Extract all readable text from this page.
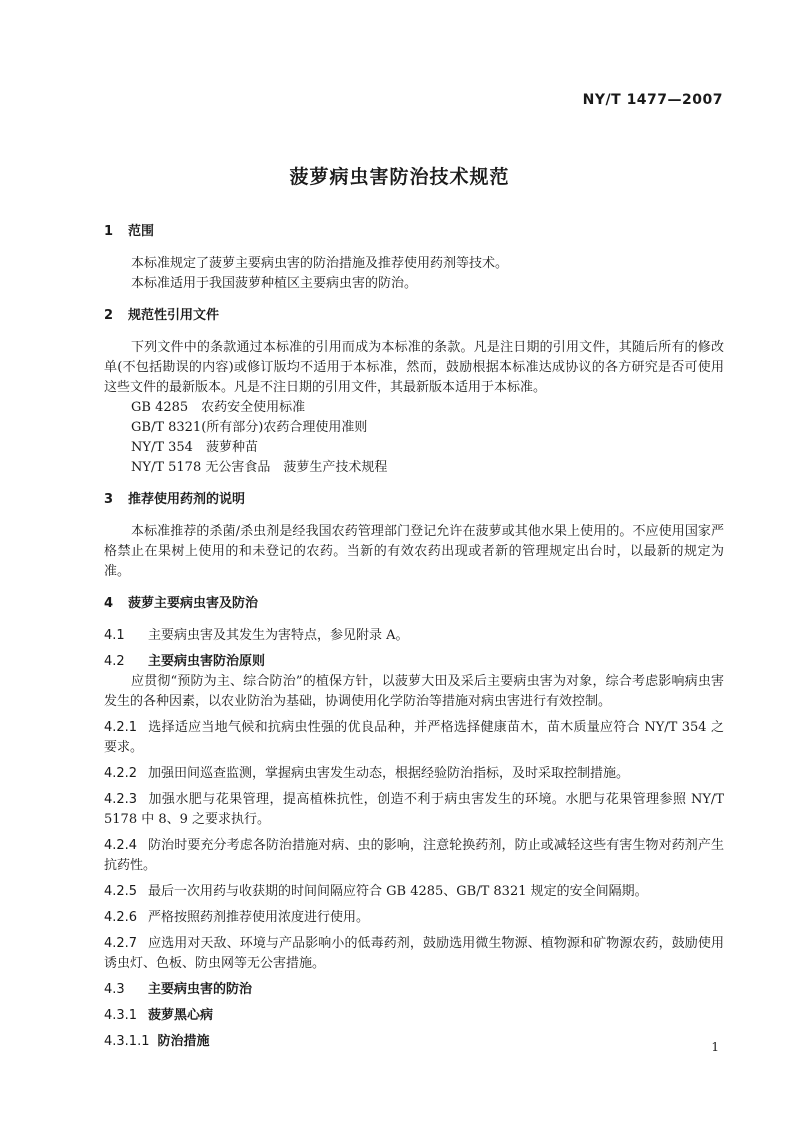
NY/T 1477—2007
菠萝病虫害防治技术规范
1 范围
本标准规定了菠萝主要病虫害的防治措施及推荐使用药剂等技术。
本标准适用于我国菠萝种植区主要病虫害的防治。
2 规范性引用文件
下列文件中的条款通过本标准的引用而成为本标准的条款。凡是注日期的引用文件，其随后所有的修改单(不包括勘误的内容)或修订版均不适用于本标准，然而，鼓励根据本标准达成协议的各方研究是否可使用这些文件的最新版本。凡是不注日期的引用文件，其最新版本适用于本标准。
GB 4285　农药安全使用标准
GB/T 8321(所有部分)农药合理使用准则
NY/T 354　菠萝种苗
NY/T 5178 无公害食品　菠萝生产技术规程
3 推荐使用药剂的说明
本标准推荐的杀菌/杀虫剂是经我国农药管理部门登记允许在菠萝或其他水果上使用的。不应使用国家严格禁止在果树上使用的和未登记的农药。当新的有效农药出现或者新的管理规定出台时，以最新的规定为准。
4 菠萝主要病虫害及防治
4.1 主要病虫害及其发生为害特点，参见附录 A。
4.2 主要病虫害防治原则
应贯彻“预防为主、综合防治”的植保方针，以菠萝大田及采后主要病虫害为对象，综合考虑影响病虫害发生的各种因素，以农业防治为基础，协调使用化学防治等措施对病虫害进行有效控制。
4.2.1 选择适应当地气候和抗病虫性强的优良品种，并严格选择健康苗木，苗木质量应符合 NY/T 354 之要求。
4.2.2 加强田间巡查监测，掌握病虫害发生动态，根据经验防治指标，及时采取控制措施。
4.2.3 加强水肥与花果管理，提高植株抗性，创造不利于病虫害发生的环境。水肥与花果管理参照 NY/T 5178 中 8、9 之要求执行。
4.2.4 防治时要充分考虑各防治措施对病、虫的影响，注意轮换药剂，防止或减轻这些有害生物对药剂产生抗药性。
4.2.5 最后一次用药与收获期的时间间隔应符合 GB 4285、GB/T 8321 规定的安全间隔期。
4.2.6 严格按照药剂推荐使用浓度进行使用。
4.2.7 应选用对天敌、环境与产品影响小的低毒药剂，鼓励选用微生物源、植物源和矿物源农药，鼓励使用诱虫灯、色板、防虫网等无公害措施。
4.3 主要病虫害的防治
4.3.1 菠萝黑心病
4.3.1.1 防治措施	1
